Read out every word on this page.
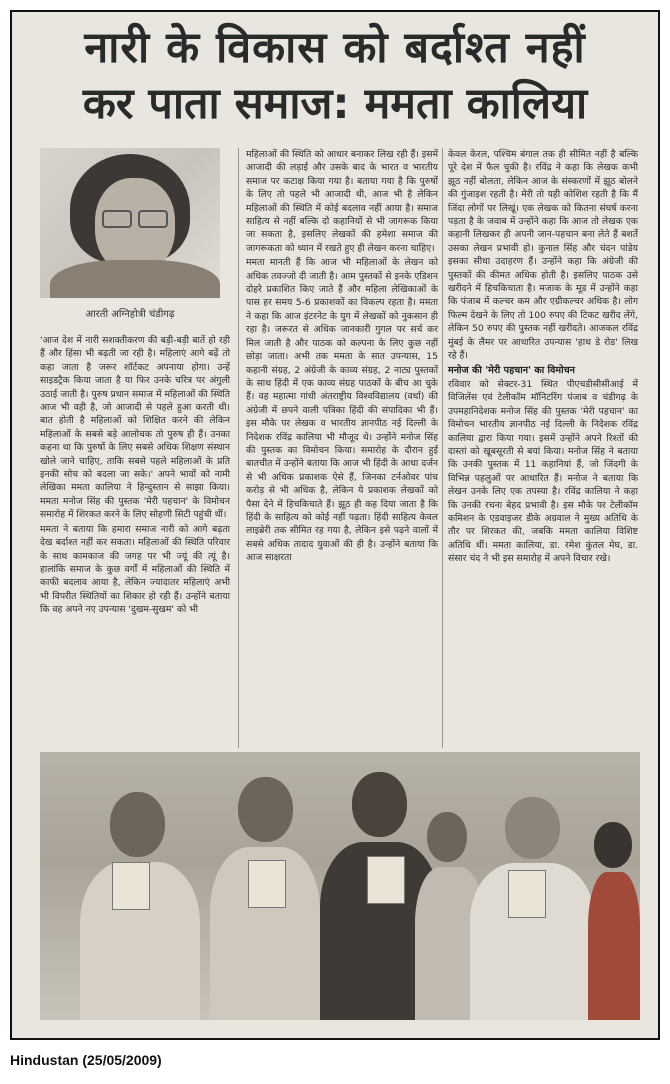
नारी के विकास को बर्दाश्त नहीं
कर पाता समाज: ममता कालिया
आरती अग्निहोत्री चंडीगढ़

'आज देश में नारी सशक्तीकरण की बड़ी-बड़ी बातें हो रही हैं और हिंसा भी बढ़ती जा रही है। महिलाएं आगे बढ़ें तो कहा जाता है जरूर शॉर्टकट अपनाया होगा। उन्हें साइडट्रैक किया जाता है या फिर उनके चरित्र पर अंगुली उठाई जाती है। पुरुष प्रधान समाज में महिलाओं की स्थिति आज भी वही है, जो आजादी से पहले हुआ करती थी। बात होती है महिलाओं को शिक्षित करने की लेकिन महिलाओं के सबसे बड़े आलोचक तो पुरुष ही हैं। उनका कहना था कि पुरुषों के लिए सबसे अधिक शिक्षण संस्थान खोले जाने चाहिए, ताकि सबसे पहले महिलाओं के प्रति इनकी सोच को बदला जा सके।' अपने भावों को नामी लेखिका ममता कालिया ने हिन्दुस्तान से साझा किया। ममता मनोज सिंह की पुस्तक 'मेरी पहचान' के विमोचन समारोह में शिरकत करने के लिए सोहणी सिटी पहुंची थीं।

ममता ने बताया कि हमारा समाज नारी को आगे बढ़ता देख बर्दाश्त नहीं कर सकता। महिलाओं की स्थिति परिवार के साथ कामकाज की जगह पर भी ज्यूं की त्यूं है। हालांकि समाज के कुछ वर्गों में महिलाओं की स्थिति में काफी बदलाव आया है, लेकिन ज्यादातर महिलाएं अभी भी विपरीत स्थितियों का शिकार हो रही हैं। उन्होंने बताया कि वह अपने नए उपन्यास 'दुखम-सुखम' को भी

महिलाओं की स्थिति को आधार बनाकर लिख रही हैं। इसमें आजादी की लड़ाई और उसके बाद के भारत व भारतीय समाज पर कटाक्ष किया गया है। बताया गया है कि पुरुषों के लिए तो पहले भी आजादी थी, आज भी है लेकिन महिलाओं की स्थिति में कोई बदलाव नहीं आया है। समाज साहित्य से नहीं बल्कि दो कहानियों से भी जागरूक किया जा सकता है, इसलिए लेखकों की हमेशा समाज की जागरूकता को ध्यान में रखते हुए ही लेखन करना चाहिए।

ममता मानती हैं कि आज भी महिलाओं के लेखन को अधिक तवज्जो दी जाती है। आम पुस्तकों से इनके एडिशन दोहरे प्रकाशित किए जाते हैं और महिला लेखिकाओं के पास हर समय 5-6 प्रकाशकों का विकल्प रहता है। ममता ने कहा कि आज इंटरनेट के युग में लेखकों को नुकसान ही रहा है। जरूरत से अधिक जानकारी गुगल पर सर्च कर मिल जाती है और पाठक को कल्पना के लिए कुछ नहीं छोड़ा जाता। अभी तक ममता के सात उपन्यास, 15 कहानी संग्रह, 2 अंग्रेजी के काव्य संग्रह, 2 नाट्य पुस्तकों के साथ हिंदी में एक काव्य संग्रह पाठकों के बीच आ चुके हैं। वह महात्मा गांधी अंतराष्ट्रीय विश्वविद्यालय (वर्धा) की अंग्रेजी में छपने वाली पत्रिका हिंदी की संपादिका भी हैं। इस मौके पर लेखक व भारतीय ज्ञानपीठ नई दिल्ली के निदेशक रविंद्र कालिया भी मौजूद थे। उन्होंने मनोज सिंह की पुस्तक का विमोचन किया। समारोह के दौरान हुई बातचीत में उन्होंने बताया कि आज भी हिंदी के आधा दर्जन से भी अधिक प्रकाशक ऐसे हैं, जिनका टर्नओवर पांच करोड़ से भी अधिक है, लेकिन ये प्रकाशक लेखकों को पैसा देने में हिचकिचाते हैं। झूठ ही कह दिया जाता है कि हिंदी के साहित्य को कोई नहीं पढ़ता। हिंदी साहित्य केवल लाइब्रेरी तक सीमित रह गया है, लेकिन इसे पढ़ने वालों में सबसे अधिक तादाद युवाओं की ही है। उन्होंने बताया कि आज साक्षरता

केवल केरल, पश्चिम बंगाल तक ही सीमित नहीं है बल्कि पूरे देश में फैल चुकी है। रविंद्र ने कहा कि लेखक कभी झूठ नहीं बोलता, लेकिन आज के संस्करणों में झूठ बोलने की गुंजाइश रहती है। मेरी तो यही कोशिश रहती है कि मैं जिंदा लोगों पर लिखूं। एक लेखक को कितना संघर्ष करना पड़ता है के जवाब में उन्होंने कहा कि आज तो लेखक एक कहानी लिखकर ही अपनी जान-पहचान बना लेते हैं बशर्ते उसका लेखन प्रभावी हो। कुनाल सिंह और चंदन पांडेय इसका सीधा उदाहरण हैं। उन्होंने कहा कि अंग्रेजी की पुस्तकों की कीमत अधिक होती है। इसलिए पाठक उसे खरीदने में हिचकिचाता है। मजाक के मूड में उन्होंने कहा कि पंजाब में कल्चर कम और एग्रीकल्चर अधिक है। लोग फिल्म देखने के लिए तो 100 रुपए की टिकट खरीद लेंगे, लेकिन 50 रुपए की पुस्तक नहीं खरीदते। आजकल रविंद्र मुंबई के लैमर पर आधारित उपन्यास 'हाथ डे रोड' लिख रहे हैं।

मनोज की 'मेरी पहचान' का विमोचन

रविवार को सेक्टर-31 स्थित पीएचडीसीसीआई में विजिलेंस एवं टेलीकॉम मॉनिटरिंग पंजाब व चंडीगढ़ के उपमहानिदेशक मनोज सिंह की पुस्तक 'मेरी पहचान' का विमोचन भारतीय ज्ञानपीठ नई दिल्ली के निदेशक रविंद्र कालिया द्वारा किया गया। इसमें उन्होंने अपने रिश्तों की दास्तां को खूबसूरती से बयां किया। मनोज सिंह ने बताया कि उनकी पुस्तक में 11 कहानियां हैं, जो जिंदगी के विभिन्न पहलुओं पर आधारित हैं। मनोज ने बताया कि लेखन उनके लिए एक तपस्या है। रविंद्र कालिया ने कहा कि उनकी रचना बेहद प्रभावी है। इस मौके पर टेलीकॉम कमिशन के एडवाइजर डीके अग्रवाल ने मुख्य अतिथि के तौर पर शिरकत की, जबकि ममता कालिया विशिष्ट अतिथि थीं। ममता कालिया, डा. रमेश कुंतल मेघ, डा. संसार चंद ने भी इस समारोह में अपने विचार रखे।

Hindustan (25/05/2009)
